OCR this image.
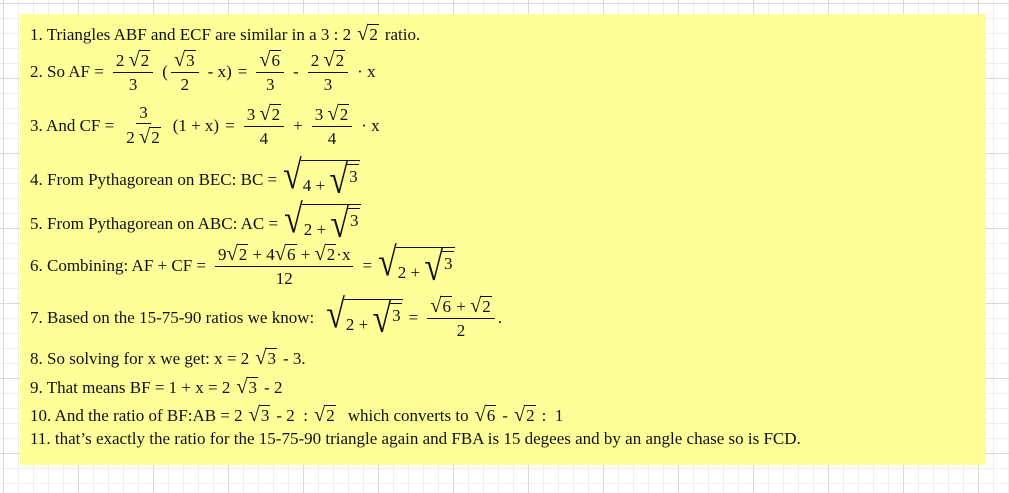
1. Triangles ABF and ECF are similar in a 3 : 2 √ 2 ratio.
2. So AF = $\frac{2 √ 2}{3}$ ( $\frac{√ 3}{2} - x) = \frac{√ 6}{3} - \frac{2 √ 2}{3} \cdot x$
3. And CF = $\frac{3}{2 √ 2} (1 + x) = \frac{3 √ 2}{4} + \frac{3 √ 2}{4} \cdot x$
4. From Pythagorean on BEC: BC = √ 4 + √ 3
5. From Pythagorean on ABC: AC = √ 2 + √ 3
6. Combining: AF + CF = $\frac{9 √ 2 + 4 √ 6 + √ 2 \cdot x}{12}$ = √ 2 + √ 3
7. Based on the 15-75-90 ratios we know: √ 2 + √ $3 = \frac{√ 6 + √ 2}{2}$ .
8. So solving for x we get: x = 2 √ 3 - 3.
9. That means BF = 1 + x = 2 √ 3 - 2
10. And the ratio of BF:AB = 2 √ 3 - 2  : √ 2 which converts to √ 6 - √ 2 :  1
11. that’s exactly the ratio for the 15-75-90 triangle again and FBA is 15 degees and by an angle chase so is FCD.
